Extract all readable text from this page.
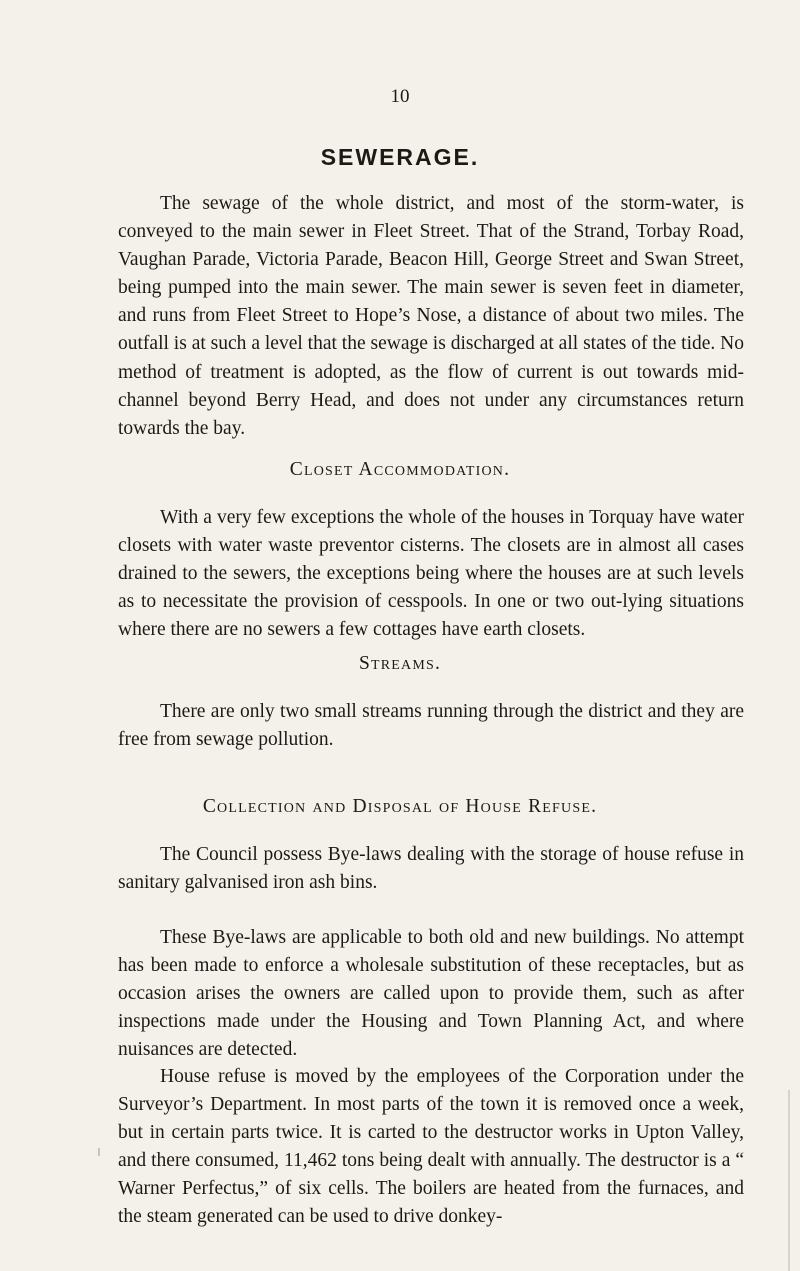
10
SEWERAGE.

The sewage of the whole district, and most of the storm-water, is conveyed to the main sewer in Fleet Street. That of the Strand, Torbay Road, Vaughan Parade, Victoria Parade, Beacon Hill, George Street and Swan Street, being pumped into the main sewer. The main sewer is seven feet in diameter, and runs from Fleet Street to Hope’s Nose, a distance of about two miles. The outfall is at such a level that the sewage is discharged at all states of the tide. No method of treatment is adopted, as the flow of current is out towards mid-channel beyond Berry Head, and does not under any circumstances return towards the bay.

Closet Accommodation.

With a very few exceptions the whole of the houses in Torquay have water closets with water waste preventor cisterns. The closets are in almost all cases drained to the sewers, the exceptions being where the houses are at such levels as to necessitate the provision of cesspools. In one or two out-lying situations where there are no sewers a few cottages have earth closets.

Streams.

There are only two small streams running through the district and they are free from sewage pollution.

Collection and Disposal of House Refuse.

The Council possess Bye-laws dealing with the storage of house refuse in sanitary galvanised iron ash bins.

These Bye-laws are applicable to both old and new buildings. No attempt has been made to enforce a wholesale substitution of these receptacles, but as occasion arises the owners are called upon to provide them, such as after inspections made under the Housing and Town Planning Act, and where nuisances are detected.

House refuse is moved by the employees of the Corporation under the Surveyor’s Department. In most parts of the town it is removed once a week, but in certain parts twice. It is carted to the destructor works in Upton Valley, and there consumed, 11,462 tons being dealt with annually. The destructor is a “ Warner Perfectus,” of six cells. The boilers are heated from the furnaces, and the steam generated can be used to drive donkey-
